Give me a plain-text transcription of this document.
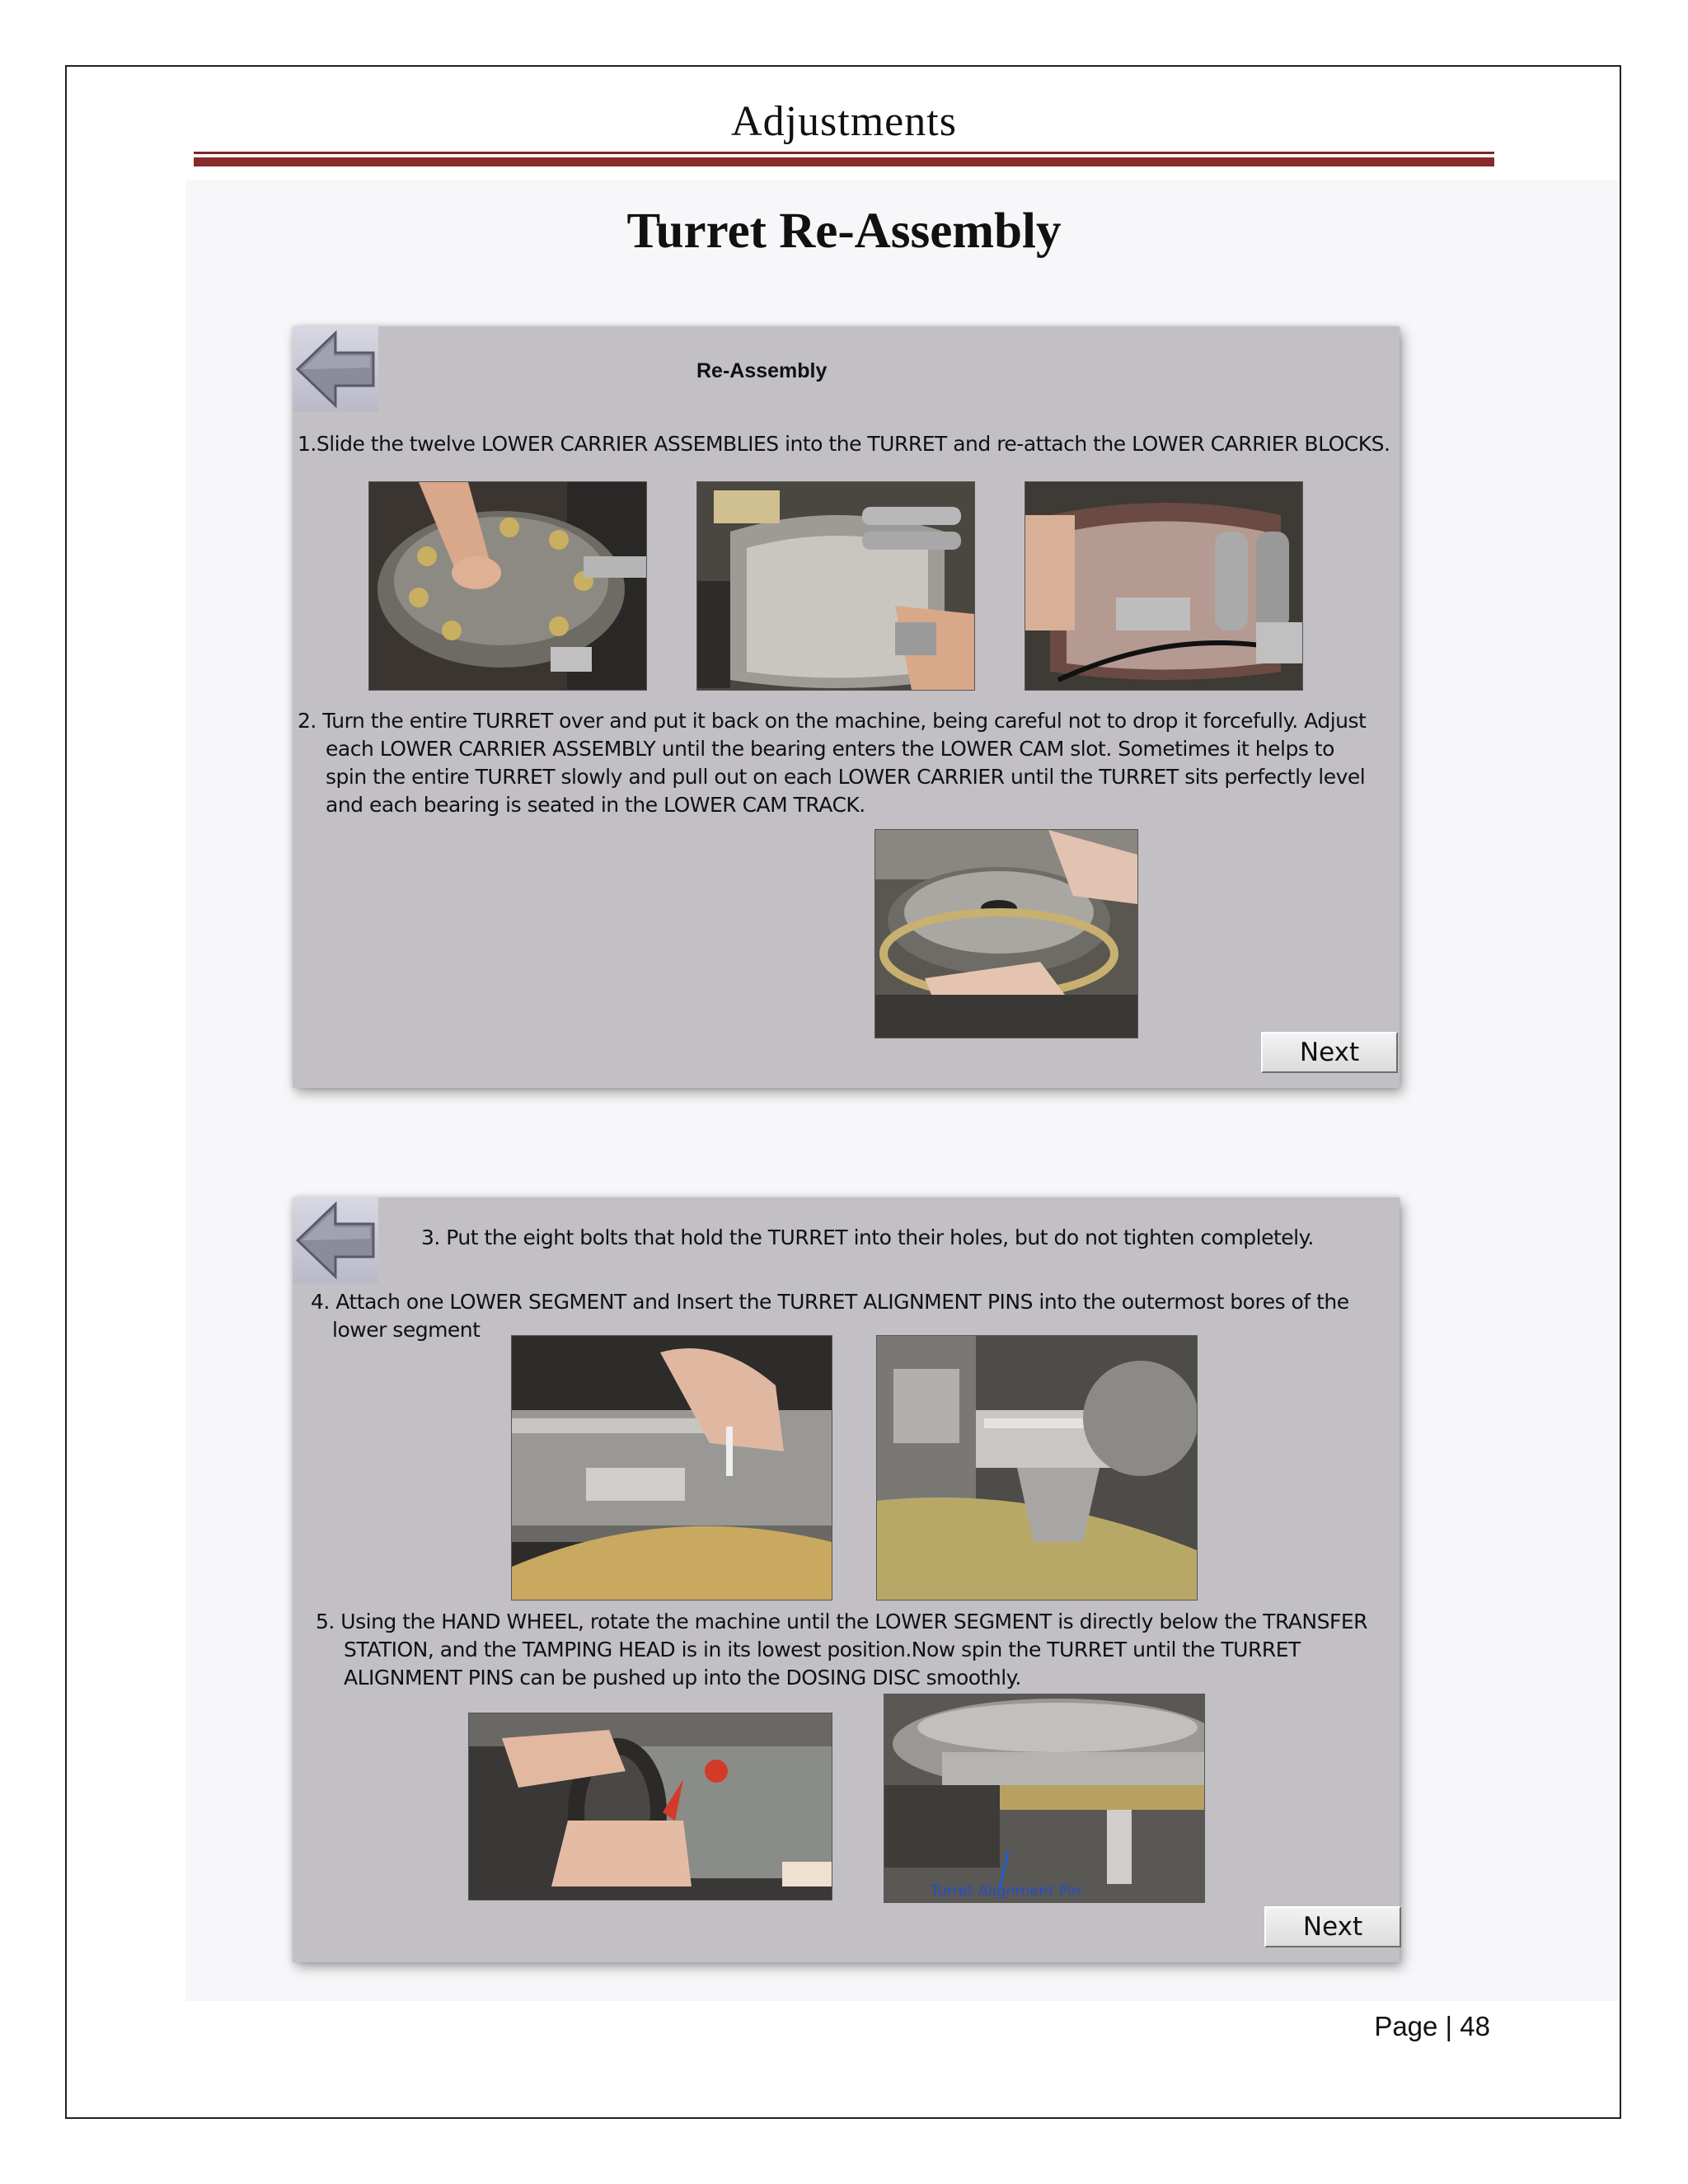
Adjustments
Turret Re-Assembly
Re-Assembly
1.Slide the twelve LOWER CARRIER ASSEMBLIES into the TURRET and re-attach the LOWER CARRIER BLOCKS.
2. Turn the entire TURRET over and put it back on the machine, being careful not to drop it forcefully. Adjust
each LOWER CARRIER ASSEMBLY until the bearing enters the LOWER CAM slot. Sometimes it helps to
spin the entire TURRET slowly and pull out on each LOWER CARRIER until the TURRET sits perfectly level
and each bearing is seated in the LOWER CAM TRACK.
Next
3. Put the eight bolts that hold the TURRET into their holes, but do not tighten completely.
4. Attach one LOWER SEGMENT and Insert the TURRET ALIGNMENT PINS into the outermost bores of the
lower segment
5. Using the HAND WHEEL, rotate the machine until the LOWER SEGMENT is directly below the TRANSFER
STATION, and the TAMPING HEAD is in its lowest position.Now spin the TURRET until the TURRET
ALIGNMENT PINS can be pushed up into the DOSING DISC smoothly.
Turret Alignment Pin
Next
Page | 48
